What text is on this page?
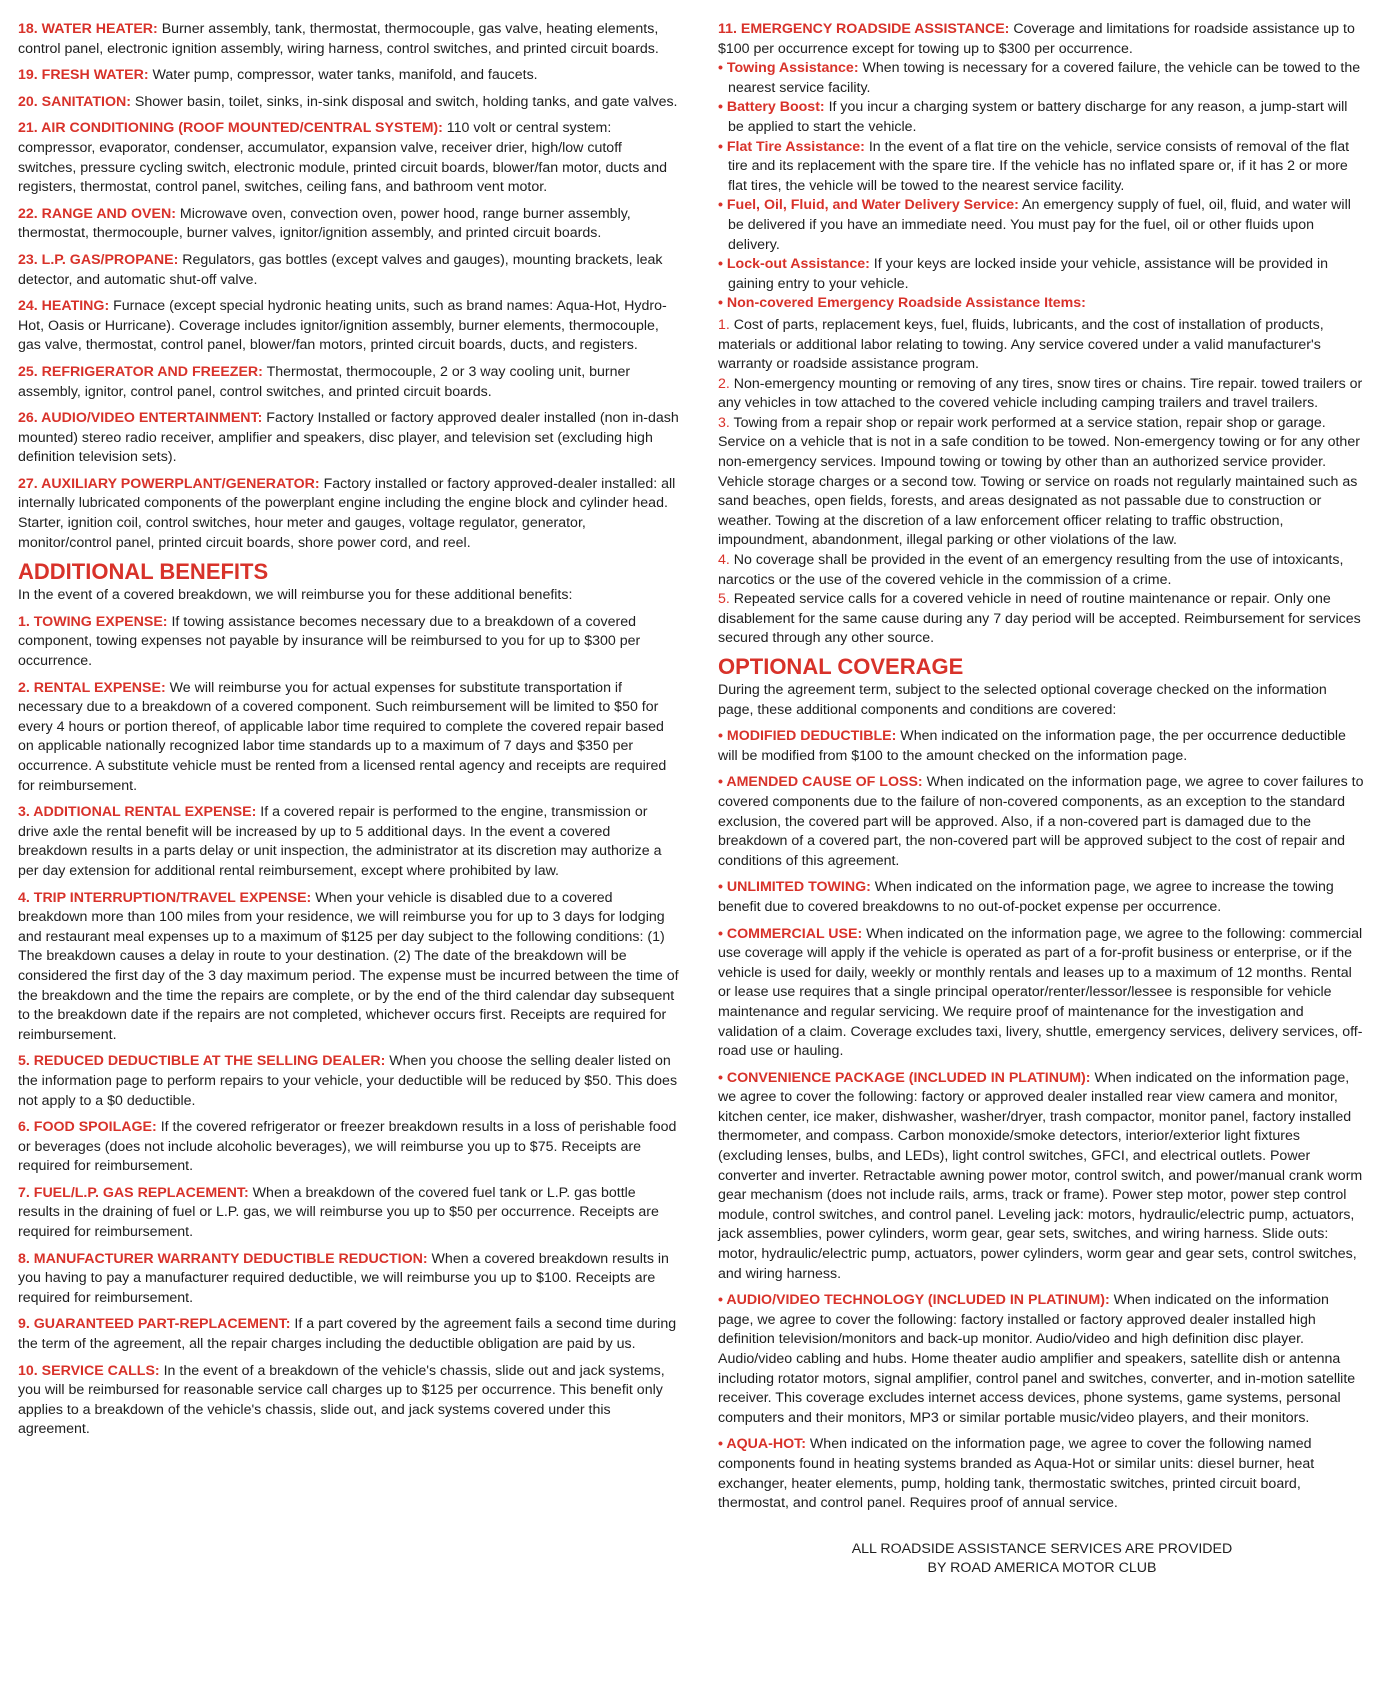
18. WATER HEATER: Burner assembly, tank, thermostat, thermocouple, gas valve, heating elements, control panel, electronic ignition assembly, wiring harness, control switches, and printed circuit boards.

19. FRESH WATER: Water pump, compressor, water tanks, manifold, and faucets.

20. SANITATION: Shower basin, toilet, sinks, in-sink disposal and switch, holding tanks, and gate valves.

21. AIR CONDITIONING (ROOF MOUNTED/CENTRAL SYSTEM): 110 volt or central system: compressor, evaporator, condenser, accumulator, expansion valve, receiver drier, high/low cutoff switches, pressure cycling switch, electronic module, printed circuit boards, blower/fan motor, ducts and registers, thermostat, control panel, switches, ceiling fans, and bathroom vent motor.

22. RANGE AND OVEN: Microwave oven, convection oven, power hood, range burner assembly, thermostat, thermocouple, burner valves, ignitor/ignition assembly, and printed circuit boards.

23. L.P. GAS/PROPANE: Regulators, gas bottles (except valves and gauges), mounting brackets, leak detector, and automatic shut-off valve.

24. HEATING: Furnace (except special hydronic heating units, such as brand names: Aqua-Hot, Hydro-Hot, Oasis or Hurricane). Coverage includes ignitor/ignition assembly, burner elements, thermocouple, gas valve, thermostat, control panel, blower/fan motors, printed circuit boards, ducts, and registers.

25. REFRIGERATOR AND FREEZER: Thermostat, thermocouple, 2 or 3 way cooling unit, burner assembly, ignitor, control panel, control switches, and printed circuit boards.

26. AUDIO/VIDEO ENTERTAINMENT: Factory Installed or factory approved dealer installed (non in-dash mounted) stereo radio receiver, amplifier and speakers, disc player, and television set (excluding high definition television sets).

27. AUXILIARY POWERPLANT/GENERATOR: Factory installed or factory approved-dealer installed: all internally lubricated components of the powerplant engine including the engine block and cylinder head. Starter, ignition coil, control switches, hour meter and gauges, voltage regulator, generator, monitor/control panel, printed circuit boards, shore power cord, and reel.

ADDITIONAL BENEFITS

In the event of a covered breakdown, we will reimburse you for these additional benefits:

1. TOWING EXPENSE: If towing assistance becomes necessary due to a breakdown of a covered component, towing expenses not payable by insurance will be reimbursed to you for up to $300 per occurrence.

2. RENTAL EXPENSE: We will reimburse you for actual expenses for substitute transportation if necessary due to a breakdown of a covered component. Such reimbursement will be limited to $50 for every 4 hours or portion thereof, of applicable labor time required to complete the covered repair based on applicable nationally recognized labor time standards up to a maximum of 7 days and $350 per occurrence. A substitute vehicle must be rented from a licensed rental agency and receipts are required for reimbursement.

3. ADDITIONAL RENTAL EXPENSE: If a covered repair is performed to the engine, transmission or drive axle the rental benefit will be increased by up to 5 additional days. In the event a covered breakdown results in a parts delay or unit inspection, the administrator at its discretion may authorize a per day extension for additional rental reimbursement, except where prohibited by law.

4. TRIP INTERRUPTION/TRAVEL EXPENSE: When your vehicle is disabled due to a covered breakdown more than 100 miles from your residence, we will reimburse you for up to 3 days for lodging and restaurant meal expenses up to a maximum of $125 per day subject to the following conditions: (1) The breakdown causes a delay in route to your destination. (2) The date of the breakdown will be considered the first day of the 3 day maximum period. The expense must be incurred between the time of the breakdown and the time the repairs are complete, or by the end of the third calendar day subsequent to the breakdown date if the repairs are not completed, whichever occurs first. Receipts are required for reimbursement.

5. REDUCED DEDUCTIBLE AT THE SELLING DEALER: When you choose the selling dealer listed on the information page to perform repairs to your vehicle, your deductible will be reduced by $50. This does not apply to a $0 deductible.

6. FOOD SPOILAGE: If the covered refrigerator or freezer breakdown results in a loss of perishable food or beverages (does not include alcoholic beverages), we will reimburse you up to $75. Receipts are required for reimbursement.

7. FUEL/L.P. GAS REPLACEMENT: When a breakdown of the covered fuel tank or L.P. gas bottle results in the draining of fuel or L.P. gas, we will reimburse you up to $50 per occurrence. Receipts are required for reimbursement.

8. MANUFACTURER WARRANTY DEDUCTIBLE REDUCTION: When a covered breakdown results in you having to pay a manufacturer required deductible, we will reimburse you up to $100. Receipts are required for reimbursement.

9. GUARANTEED PART-REPLACEMENT: If a part covered by the agreement fails a second time during the term of the agreement, all the repair charges including the deductible obligation are paid by us.

10. SERVICE CALLS: In the event of a breakdown of the vehicle's chassis, slide out and jack systems, you will be reimbursed for reasonable service call charges up to $125 per occurrence. This benefit only applies to a breakdown of the vehicle's chassis, slide out, and jack systems covered under this agreement.

11. EMERGENCY ROADSIDE ASSISTANCE: Coverage and limitations for roadside assistance up to $100 per occurrence except for towing up to $300 per occurrence.

• Towing Assistance: When towing is necessary for a covered failure, the vehicle can be towed to the nearest service facility.

• Battery Boost: If you incur a charging system or battery discharge for any reason, a jump-start will be applied to start the vehicle.

• Flat Tire Assistance: In the event of a flat tire on the vehicle, service consists of removal of the flat tire and its replacement with the spare tire. If the vehicle has no inflated spare or, if it has 2 or more flat tires, the vehicle will be towed to the nearest service facility.

• Fuel, Oil, Fluid, and Water Delivery Service: An emergency supply of fuel, oil, fluid, and water will be delivered if you have an immediate need. You must pay for the fuel, oil or other fluids upon delivery.

• Lock-out Assistance: If your keys are locked inside your vehicle, assistance will be provided in gaining entry to your vehicle.

• Non-covered Emergency Roadside Assistance Items:

1. Cost of parts, replacement keys, fuel, fluids, lubricants, and the cost of installation of products, materials or additional labor relating to towing. Any service covered under a valid manufacturer's warranty or roadside assistance program.

2. Non-emergency mounting or removing of any tires, snow tires or chains. Tire repair. towed trailers or any vehicles in tow attached to the covered vehicle including camping trailers and travel trailers.

3. Towing from a repair shop or repair work performed at a service station, repair shop or garage. Service on a vehicle that is not in a safe condition to be towed. Non-emergency towing or for any other non-emergency services. Impound towing or towing by other than an authorized service provider. Vehicle storage charges or a second tow. Towing or service on roads not regularly maintained such as sand beaches, open fields, forests, and areas designated as not passable due to construction or weather. Towing at the discretion of a law enforcement officer relating to traffic obstruction, impoundment, abandonment, illegal parking or other violations of the law.

4. No coverage shall be provided in the event of an emergency resulting from the use of intoxicants, narcotics or the use of the covered vehicle in the commission of a crime.

5. Repeated service calls for a covered vehicle in need of routine maintenance or repair. Only one disablement for the same cause during any 7 day period will be accepted. Reimbursement for services secured through any other source.

OPTIONAL COVERAGE

During the agreement term, subject to the selected optional coverage checked on the information page, these additional components and conditions are covered:

• MODIFIED DEDUCTIBLE: When indicated on the information page, the per occurrence deductible will be modified from $100 to the amount checked on the information page.

• AMENDED CAUSE OF LOSS: When indicated on the information page, we agree to cover failures to covered components due to the failure of non-covered components, as an exception to the standard exclusion, the covered part will be approved. Also, if a non-covered part is damaged due to the breakdown of a covered part, the non-covered part will be approved subject to the cost of repair and conditions of this agreement.

• UNLIMITED TOWING: When indicated on the information page, we agree to increase the towing benefit due to covered breakdowns to no out-of-pocket expense per occurrence.

• COMMERCIAL USE: When indicated on the information page, we agree to the following: commercial use coverage will apply if the vehicle is operated as part of a for-profit business or enterprise, or if the vehicle is used for daily, weekly or monthly rentals and leases up to a maximum of 12 months. Rental or lease use requires that a single principal operator/renter/lessor/lessee is responsible for vehicle maintenance and regular servicing. We require proof of maintenance for the investigation and validation of a claim. Coverage excludes taxi, livery, shuttle, emergency services, delivery services, off-road use or hauling.

• CONVENIENCE PACKAGE (INCLUDED IN PLATINUM): When indicated on the information page, we agree to cover the following: factory or approved dealer installed rear view camera and monitor, kitchen center, ice maker, dishwasher, washer/dryer, trash compactor, monitor panel, factory installed thermometer, and compass. Carbon monoxide/smoke detectors, interior/exterior light fixtures (excluding lenses, bulbs, and LEDs), light control switches, GFCI, and electrical outlets. Power converter and inverter. Retractable awning power motor, control switch, and power/manual crank worm gear mechanism (does not include rails, arms, track or frame). Power step motor, power step control module, control switches, and control panel. Leveling jack: motors, hydraulic/electric pump, actuators, jack assemblies, power cylinders, worm gear, gear sets, switches, and wiring harness. Slide outs: motor, hydraulic/electric pump, actuators, power cylinders, worm gear and gear sets, control switches, and wiring harness.

• AUDIO/VIDEO TECHNOLOGY (INCLUDED IN PLATINUM): When indicated on the information page, we agree to cover the following: factory installed or factory approved dealer installed high definition television/monitors and back-up monitor. Audio/video and high definition disc player. Audio/video cabling and hubs. Home theater audio amplifier and speakers, satellite dish or antenna including rotator motors, signal amplifier, control panel and switches, converter, and in-motion satellite receiver. This coverage excludes internet access devices, phone systems, game systems, personal computers and their monitors, MP3 or similar portable music/video players, and their monitors.

• AQUA-HOT: When indicated on the information page, we agree to cover the following named components found in heating systems branded as Aqua-Hot or similar units: diesel burner, heat exchanger, heater elements, pump, holding tank, thermostatic switches, printed circuit board, thermostat, and control panel. Requires proof of annual service.

ALL ROADSIDE ASSISTANCE SERVICES ARE PROVIDED
BY ROAD AMERICA MOTOR CLUB
